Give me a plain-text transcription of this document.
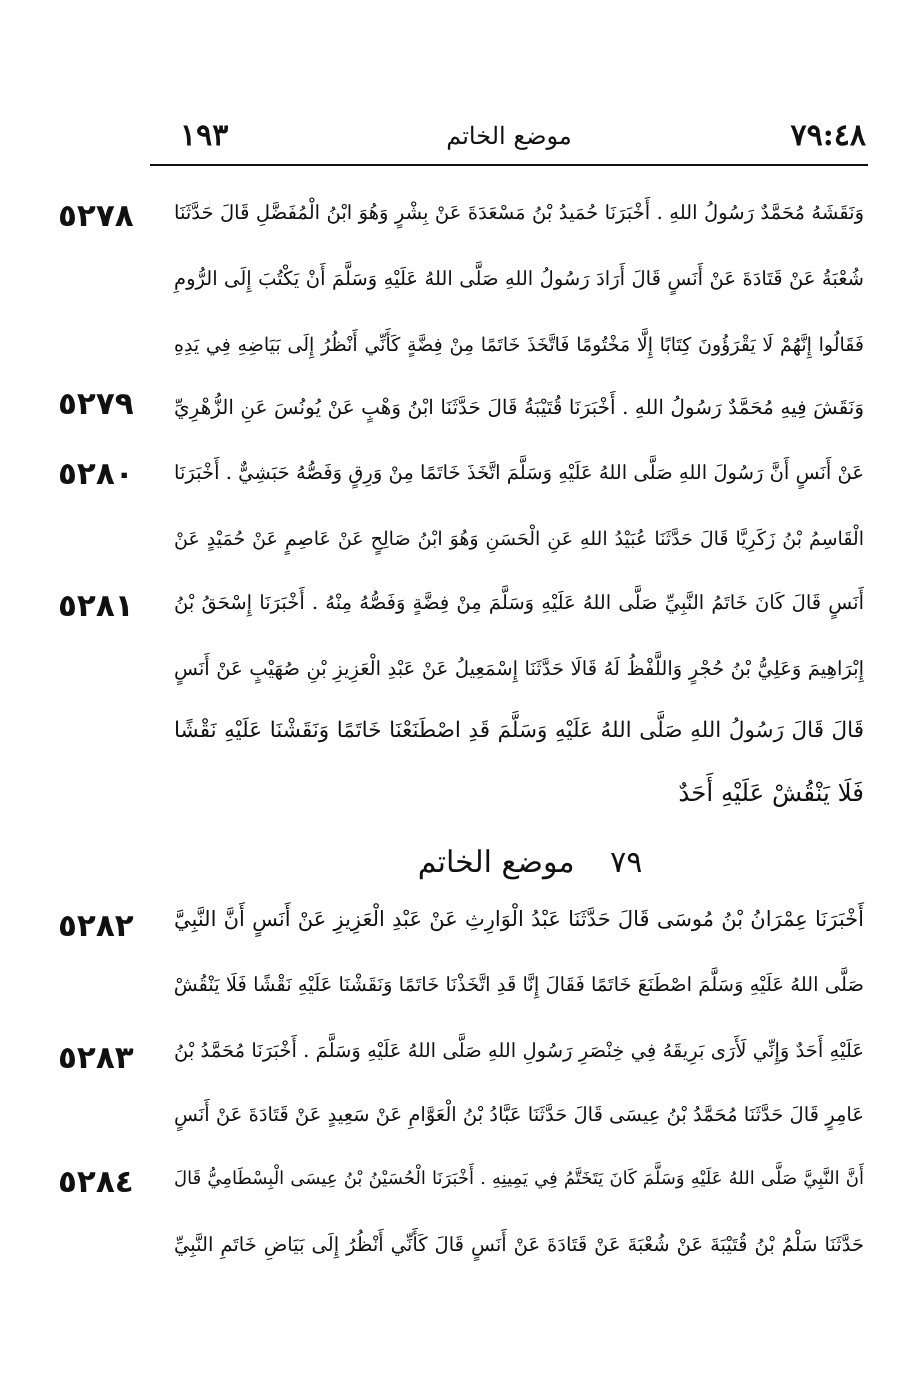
٧٩:٤٨
موضع الخاتم
١٩٣
٥٢٧٨
٥٢٧٩
٥٢٨٠
٥٢٨١
٥٢٨٢
٥٢٨٣
٥٢٨٤
وَنَقَشَهُ مُحَمَّدٌ رَسُولُ اللهِ . أَخْبَرَنَا حُمَيدُ بْنُ مَسْعَدَةَ عَنْ بِشْرٍ وَهُوَ ابْنُ الْمُفَضَّلِ قَالَ حَدَّثَنَا
شُعْبَةُ عَنْ قَتَادَةَ عَنْ أَنَسٍ قَالَ أَرَادَ رَسُولُ اللهِ صَلَّى اللهُ عَلَيْهِ وَسَلَّمَ أَنْ يَكْتُبَ إِلَى الرُّومِ
فَقَالُوا إِنَّهُمْ لَا يَقْرَؤُونَ كِتَابًا إِلَّا مَخْتُومًا فَاتَّخَذَ خَاتَمًا مِنْ فِضَّةٍ كَأَنِّي أَنْظُرُ إِلَى بَيَاضِهِ فِي يَدِهِ
وَنَقَشَ فِيهِ مُحَمَّدٌ رَسُولُ اللهِ . أَخْبَرَنَا قُتَيْبَةُ قَالَ حَدَّثَنَا ابْنُ وَهْبٍ عَنْ يُونُسَ عَنِ الزُّهْرِيِّ
عَنْ أَنَسٍ أَنَّ رَسُولَ اللهِ صَلَّى اللهُ عَلَيْهِ وَسَلَّمَ اتَّخَذَ خَاتَمًا مِنْ وَرِقٍ وَفَصُّهُ حَبَشِيٌّ . أَخْبَرَنَا
الْقَاسِمُ بْنُ زَكَرِيَّا قَالَ حَدَّثَنَا عُبَيْدُ اللهِ عَنِ الْحَسَنِ وَهُوَ ابْنُ صَالِحٍ عَنْ عَاصِمٍ عَنْ حُمَيْدٍ عَنْ
أَنَسٍ قَالَ كَانَ خَاتَمُ النَّبِيِّ صَلَّى اللهُ عَلَيْهِ وَسَلَّمَ مِنْ فِضَّةٍ وَفَصُّهُ مِنْهُ . أَخْبَرَنَا إِسْحَقُ بْنُ
إِبْرَاهِيمَ وَعَلِيُّ بْنُ حُجْرٍ وَاللَّفْظُ لَهُ قَالَا حَدَّثَنَا إِسْمَعِيلُ عَنْ عَبْدِ الْعَزِيزِ بْنِ صُهَيْبٍ عَنْ أَنَسٍ
قَالَ قَالَ رَسُولُ اللهِ صَلَّى اللهُ عَلَيْهِ وَسَلَّمَ قَدِ اصْطَنَعْنَا خَاتَمًا وَنَقَشْنَا عَلَيْهِ نَقْشًا
فَلَا يَنْقُشْ عَلَيْهِ أَحَدٌ
٧٩ موضع الخاتم
أَخْبَرَنَا عِمْرَانُ بْنُ مُوسَى قَالَ حَدَّثَنَا عَبْدُ الْوَارِثِ عَنْ عَبْدِ الْعَزِيزِ عَنْ أَنَسٍ أَنَّ النَّبِيَّ
صَلَّى اللهُ عَلَيْهِ وَسَلَّمَ اصْطَنَعَ خَاتَمًا فَقَالَ إِنَّا قَدِ اتَّخَذْنَا خَاتَمًا وَنَقَشْنَا عَلَيْهِ نَقْشًا فَلَا يَنْقُشْ
عَلَيْهِ أَحَدٌ وَإِنِّي لَأَرَى بَرِيقَهُ فِي خِنْصَرِ رَسُولِ اللهِ صَلَّى اللهُ عَلَيْهِ وَسَلَّمَ . أَخْبَرَنَا مُحَمَّدُ بْنُ
عَامِرٍ قَالَ حَدَّثَنَا مُحَمَّدُ بْنُ عِيسَى قَالَ حَدَّثَنَا عَبَّادُ بْنُ الْعَوَّامِ عَنْ سَعِيدٍ عَنْ قَتَادَةَ عَنْ أَنَسٍ
أَنَّ النَّبِيَّ صَلَّى اللهُ عَلَيْهِ وَسَلَّمَ كَانَ يَتَخَتَّمُ فِي يَمِينِهِ . أَخْبَرَنَا الْحُسَيْنُ بْنُ عِيسَى الْبِسْطَامِيُّ قَالَ
حَدَّثَنَا سَلْمُ بْنُ قُتَيْبَةَ عَنْ شُعْبَةَ عَنْ قَتَادَةَ عَنْ أَنَسٍ قَالَ كَأَنِّي أَنْظُرُ إِلَى بَيَاضِ خَاتَمِ النَّبِيِّ
